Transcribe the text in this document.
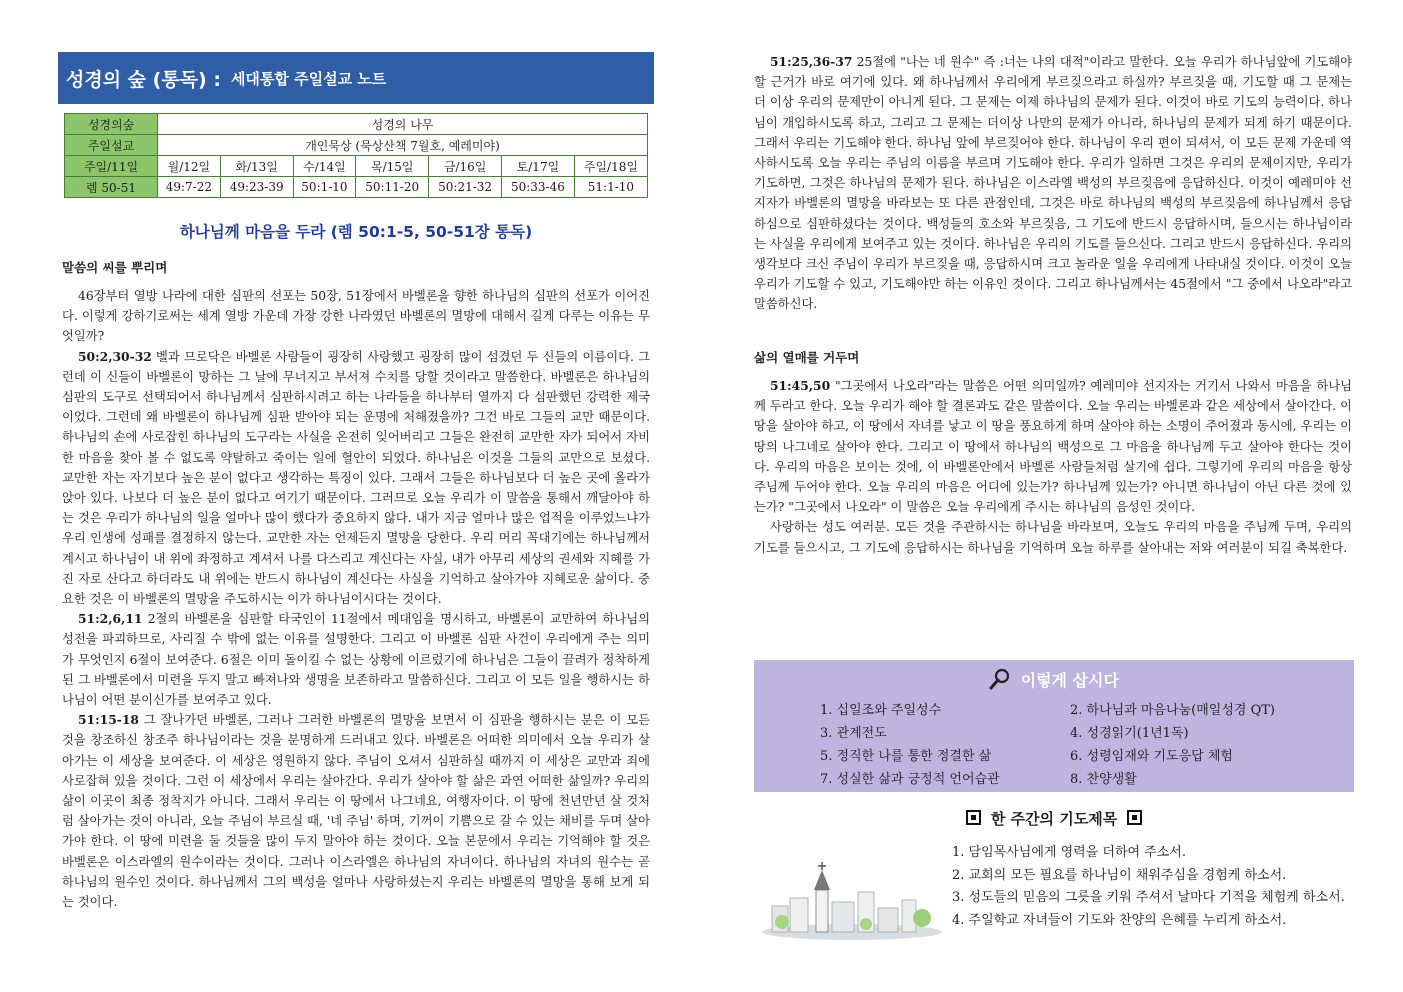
성경의 숲 (통독) : 세대통합 주일설교 노트
성경의숲	성경의 나무						
주일설교	개인묵상 (묵상산책 7월호, 예레미야)						
주일/11일	월/12일	화/13일	수/14일	목/15일	금/16일	토/17일	주일/18일
렘 50-51	49:7-22	49:23-39	50:1-10	50:11-20	50:21-32	50:33-46	51:1-10
하나님께 마음을 두라 (렘 50:1-5, 50-51장 통독)
말씀의 씨를 뿌리며

46장부터 열방 나라에 대한 심판의 선포는 50장, 51장에서 바벨론을 향한 하나님의 심판의 선포가 이어진다. 이렇게 강하기로써는 세계 열방 가운데 가장 강한 나라였던 바벨론의 멸망에 대해서 길게 다루는 이유는 무엇일까?

50:2,30-32 벨과 므로닥은 바벨론 사람들이 굉장히 사랑했고 굉장히 많이 섬겼던 두 신들의 이름이다. 그런데 이 신들이 바벨론이 망하는 그 날에 무너지고 부서져 수치를 당할 것이라고 말씀한다. 바벨론은 하나님의 심판의 도구로 선택되어서 하나님께서 심판하시려고 하는 나라들을 하나부터 열까지 다 심판했던 강력한 제국이었다. 그런데 왜 바벨론이 하나님께 심판 받아야 되는 운명에 처해졌을까? 그건 바로 그들의 교만 때문이다. 하나님의 손에 사로잡힌 하나님의 도구라는 사실을 온전히 잊어버리고 그들은 완전히 교만한 자가 되어서 자비한 마음을 찾아 볼 수 없도록 약탈하고 죽이는 일에 혈안이 되었다. 하나님은 이것을 그들의 교만으로 보셨다. 교만한 자는 자기보다 높은 분이 없다고 생각하는 특징이 있다. 그래서 그들은 하나님보다 더 높은 곳에 올라가 앉아 있다. 나보다 더 높은 분이 없다고 여기기 때문이다. 그러므로 오늘 우리가 이 말씀을 통해서 깨달아야 하는 것은 우리가 하나님의 일을 얼마나 많이 했다가 중요하지 않다. 내가 지금 얼마나 많은 업적을 이루었느냐가 우리 인생에 성패를 결정하지 않는다. 교만한 자는 언제든지 멸망을 당한다. 우리 머리 꼭대기에는 하나님께서 계시고 하나님이 내 위에 좌정하고 계셔서 나를 다스리고 계신다는 사실, 내가 아무리 세상의 권세와 지혜를 가진 자로 산다고 하더라도 내 위에는 반드시 하나님이 계신다는 사실을 기억하고 살아가야 지혜로운 삶이다. 중요한 것은 이 바벨론의 멸망을 주도하시는 이가 하나님이시다는 것이다.

51:2,6,11 2절의 바벨론을 심판할 타국인이 11절에서 메대임을 명시하고, 바벨론이 교만하여 하나님의 성전을 파괴하므로, 사리질 수 밖에 없는 이유를 설명한다. 그리고 이 바벨론 심판 사건이 우리에게 주는 의미가 무엇인지 6절이 보여준다. 6절은 이미 돌이킬 수 없는 상황에 이르렀기에 하나님은 그들이 끌려가 정착하게 된 그 바벨론에서 미련을 두지 말고 빠져나와 생명을 보존하라고 말씀하신다. 그리고 이 모든 일을 행하시는 하나님이 어떤 분이신가를 보여주고 있다.

51:15-18 그 잘나가던 바벨론, 그러나 그러한 바벨론의 멸망을 보면서 이 심판을 행하시는 분은 이 모든 것을 창조하신 창조주 하나님이라는 것을 분명하게 드러내고 있다. 바벨론은 어떠한 의미에서 오늘 우리가 살아가는 이 세상을 보여준다. 이 세상은 영원하지 않다. 주님이 오셔서 심판하실 때까지 이 세상은 교만과 죄에 사로잡혀 있을 것이다. 그런 이 세상에서 우리는 살아간다. 우리가 살아야 할 삶은 과연 어떠한 삶일까? 우리의 삶이 이곳이 최종 정착지가 아니다. 그래서 우리는 이 땅에서 나그네요, 여행자이다. 이 땅에 천년만년 살 것처럼 살아가는 것이 아니라, 오늘 주님이 부르실 때, '네 주님' 하며, 기꺼이 기쁨으로 갈 수 있는 채비를 두며 살아가야 한다. 이 땅에 미련을 둘 것들을 많이 두지 말아야 하는 것이다. 오늘 본문에서 우리는 기억해야 할 것은 바벨론은 이스라엘의 원수이라는 것이다. 그러나 이스라엘은 하나님의 자녀이다. 하나님의 자녀의 원수는 곧 하나님의 원수인 것이다. 하나님께서 그의 백성을 얼마나 사랑하셨는지 우리는 바벨론의 멸망을 통해 보게 되는 것이다.

51:25,36-37 25절에 "나는 네 원수" 즉 :너는 나의 대적"이라고 말한다. 오늘 우리가 하나님앞에 기도해야 할 근거가 바로 여기에 있다. 왜 하나님께서 우리에게 부르짖으라고 하실까? 부르짖을 때, 기도할 때 그 문제는 더 이상 우리의 문제만이 아니게 된다. 그 문제는 이제 하나님의 문제가 된다. 이것이 바로 기도의 능력이다. 하나님이 개입하시도록 하고, 그리고 그 문제는 더이상 나만의 문제가 아니라, 하나님의 문제가 되게 하기 때문이다. 그래서 우리는 기도해야 한다. 하나님 앞에 부르짖어야 한다. 하나님이 우리 편이 되셔서, 이 모든 문제 가운데 역사하시도록 오늘 우리는 주님의 이름을 부르며 기도해야 한다. 우리가 일하면 그것은 우리의 문제이지만, 우리가 기도하면, 그것은 하나님의 문제가 된다. 하나님은 이스라엘 백성의 부르짖음에 응답하신다. 이것이 예레미야 선지자가 바벨론의 멸망을 바라보는 또 다른 관점인데, 그것은 바로 하나님의 백성의 부르짖음에 하나님께서 응답하심으로 심판하셨다는 것이다. 백성들의 호소와 부르짖음, 그 기도에 반드시 응답하시며, 들으시는 하나님이라는 사실을 우리에게 보여주고 있는 것이다. 하나님은 우리의 기도를 들으신다. 그리고 반드시 응답하신다. 우리의 생각보다 크신 주님이 우리가 부르짖을 때, 응답하시며 크고 놀라운 일을 우리에게 나타내실 것이다. 이것이 오늘 우리가 기도할 수 있고, 기도해야만 하는 이유인 것이다. 그리고 하나님께서는 45절에서 "그 중에서 나오라"라고 말씀하신다.

삶의 열매를 거두며

51:45,50 "그곳에서 나오라"라는 말씀은 어떤 의미일까? 예레미야 선지자는 거기서 나와서 마음을 하나님께 두라고 한다. 오늘 우리가 해야 할 결론과도 같은 말씀이다. 오늘 우리는 바벨론과 같은 세상에서 살아간다. 이 땅을 살아야 하고, 이 땅에서 자녀를 낳고 이 땅을 풍요하게 하며 살아야 하는 소명이 주어졌과 동시에, 우리는 이 땅의 나그네로 살아야 한다. 그리고 이 땅에서 하나님의 백성으로 그 마음을 하나님께 두고 살아야 한다는 것이다. 우리의 마음은 보이는 것에, 이 바벨론안에서 바벨론 사람들처럼 살기에 쉽다. 그렇기에 우리의 마음을 항상 주님께 두어야 한다. 오늘 우리의 마음은 어디에 있는가? 하나님께 있는가? 아니면 하나님이 아닌 다른 것에 있는가? "그곳에서 나오라" 이 말씀은 오늘 우리에게 주시는 하나님의 음성인 것이다.

사랑하는 성도 여러분. 모든 것을 주관하시는 하나님을 바라보며, 오늘도 우리의 마음을 주님께 두며, 우리의 기도를 들으시고, 그 기도에 응답하시는 하나님을 기억하며 오늘 하루를 살아내는 저와 여러분이 되길 축복한다.

이렇게 삽시다
1. 십일조와 주일성수	2. 하나님과 마음나눔(매일성경 QT)
3. 관계전도	4. 성경읽기(1년1독)
5. 정직한 나를 통한 정결한 삶	6. 성령임재와 기도응답 체험
7. 성실한 삶과 긍정적 언어습관	8. 찬양생활
한 주간의 기도제목
1. 담임목사님에게 영력을 더하여 주소서.
2. 교회의 모든 필요를 하나님이 채워주심을 경험케 하소서.
3. 성도들의 믿음의 그릇을 키워 주셔서 날마다 기적을 체험케 하소서.
4. 주일학교 자녀들이 기도와 찬양의 은혜를 누리게 하소서.
